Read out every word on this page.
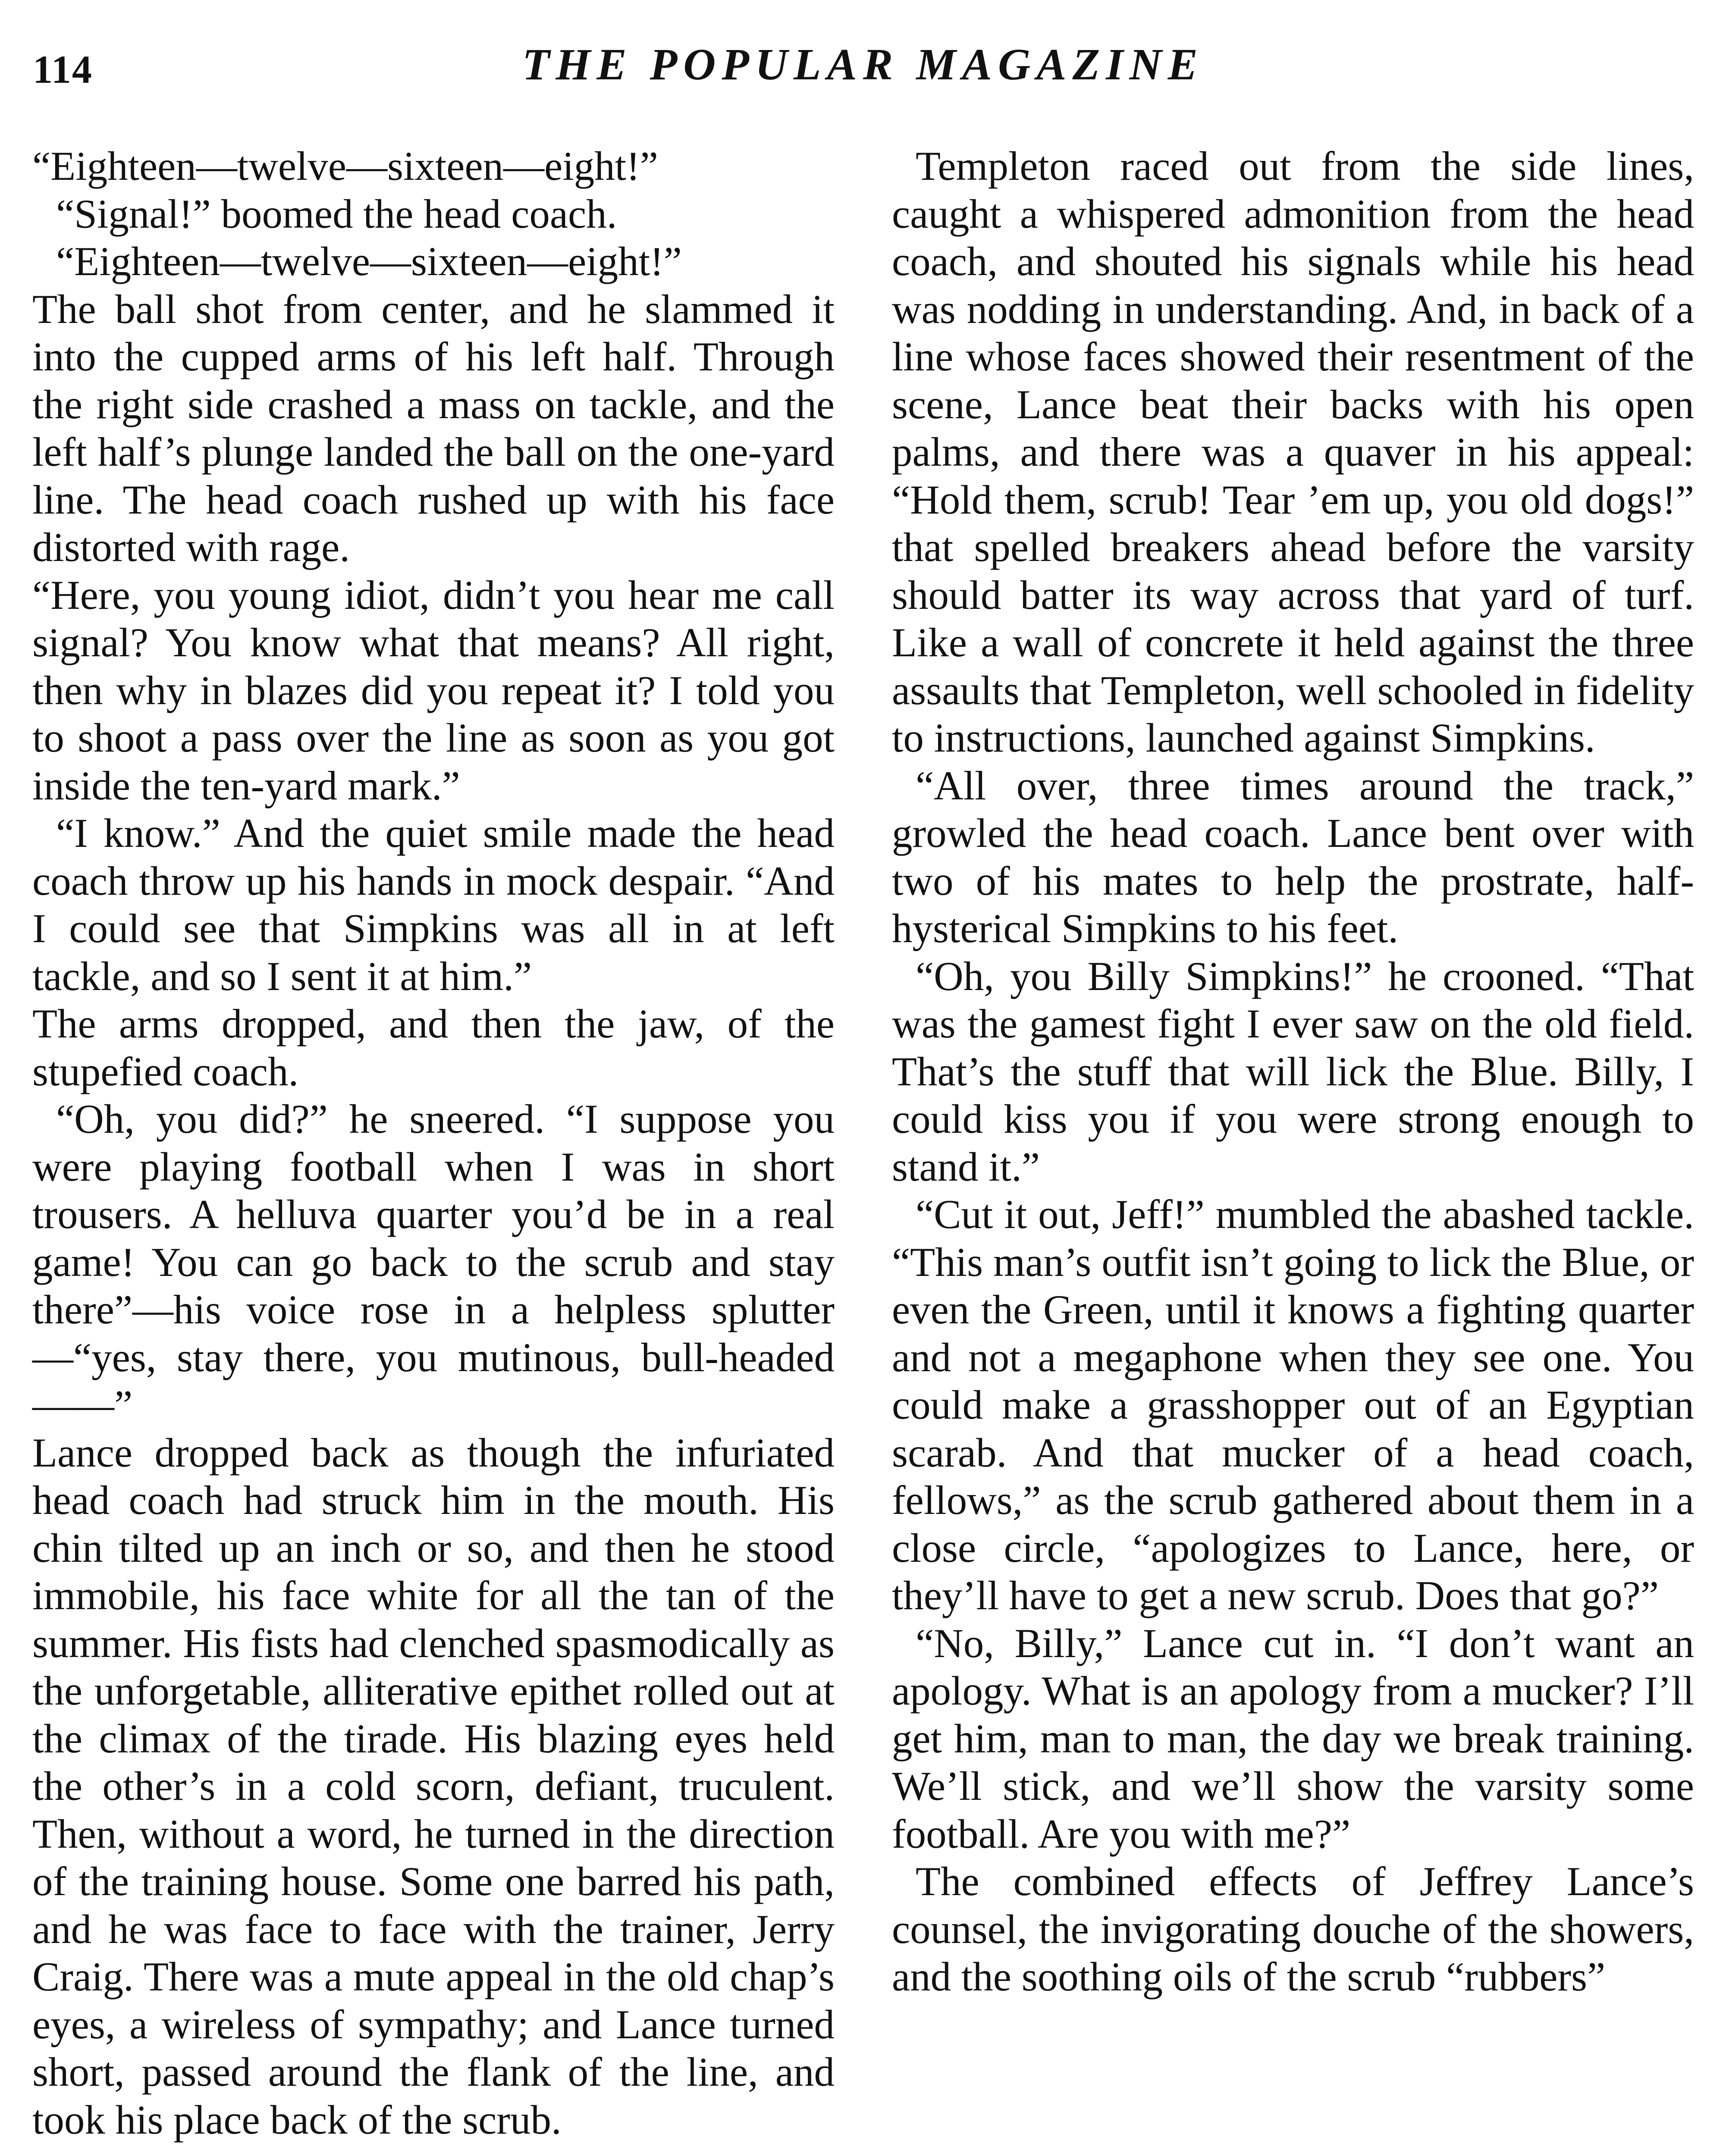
114	THE POPULAR MAGAZINE

“Eighteen—twelve—sixteen—eight!”

“Signal!” boomed the head coach.

“Eighteen—twelve—sixteen—eight!”

The ball shot from center, and he slammed it into the cupped arms of his left half. Through the right side crashed a mass on tackle, and the left half’s plunge landed the ball on the one-yard line. The head coach rushed up with his face distorted with rage.

“Here, you young idiot, didn’t you hear me call signal? You know what that means? All right, then why in blazes did you repeat it? I told you to shoot a pass over the line as soon as you got inside the ten-yard mark.”

“I know.” And the quiet smile made the head coach throw up his hands in mock despair. “And I could see that Simpkins was all in at left tackle, and so I sent it at him.”

The arms dropped, and then the jaw, of the stupefied coach.

“Oh, you did?” he sneered. “I suppose you were playing football when I was in short trousers. A helluva quarter you’d be in a real game! You can go back to the scrub and stay there”—his voice rose in a helpless splutter—“yes, stay there, you mutinous, bull-headed——”

Lance dropped back as though the infuriated head coach had struck him in the mouth. His chin tilted up an inch or so, and then he stood immobile, his face white for all the tan of the summer. His fists had clenched spasmodically as the unforgetable, alliterative epithet rolled out at the climax of the tirade. His blazing eyes held the other’s in a cold scorn, defiant, truculent. Then, without a word, he turned in the direction of the training house. Some one barred his path, and he was face to face with the trainer, Jerry Craig. There was a mute appeal in the old chap’s eyes, a wireless of sympathy; and Lance turned short, passed around the flank of the line, and took his place back of the scrub.

Templeton raced out from the side lines, caught a whispered admonition from the head coach, and shouted his signals while his head was nodding in understanding. And, in back of a line whose faces showed their resentment of the scene, Lance beat their backs with his open palms, and there was a quaver in his appeal: “Hold them, scrub! Tear ’em up, you old dogs!” that spelled breakers ahead before the varsity should batter its way across that yard of turf. Like a wall of concrete it held against the three assaults that Templeton, well schooled in fidelity to instructions, launched against Simpkins.

“All over, three times around the track,” growled the head coach. Lance bent over with two of his mates to help the prostrate, half-hysterical Simpkins to his feet.

“Oh, you Billy Simpkins!” he crooned. “That was the gamest fight I ever saw on the old field. That’s the stuff that will lick the Blue. Billy, I could kiss you if you were strong enough to stand it.”

“Cut it out, Jeff!” mumbled the abashed tackle. “This man’s outfit isn’t going to lick the Blue, or even the Green, until it knows a fighting quarter and not a megaphone when they see one. You could make a grasshopper out of an Egyptian scarab. And that mucker of a head coach, fellows,” as the scrub gathered about them in a close circle, “apologizes to Lance, here, or they’ll have to get a new scrub. Does that go?”

“No, Billy,” Lance cut in. “I don’t want an apology. What is an apology from a mucker? I’ll get him, man to man, the day we break training. We’ll stick, and we’ll show the varsity some football. Are you with me?”

The combined effects of Jeffrey Lance’s counsel, the invigorating douche of the showers, and the soothing oils of the scrub “rubbers”
